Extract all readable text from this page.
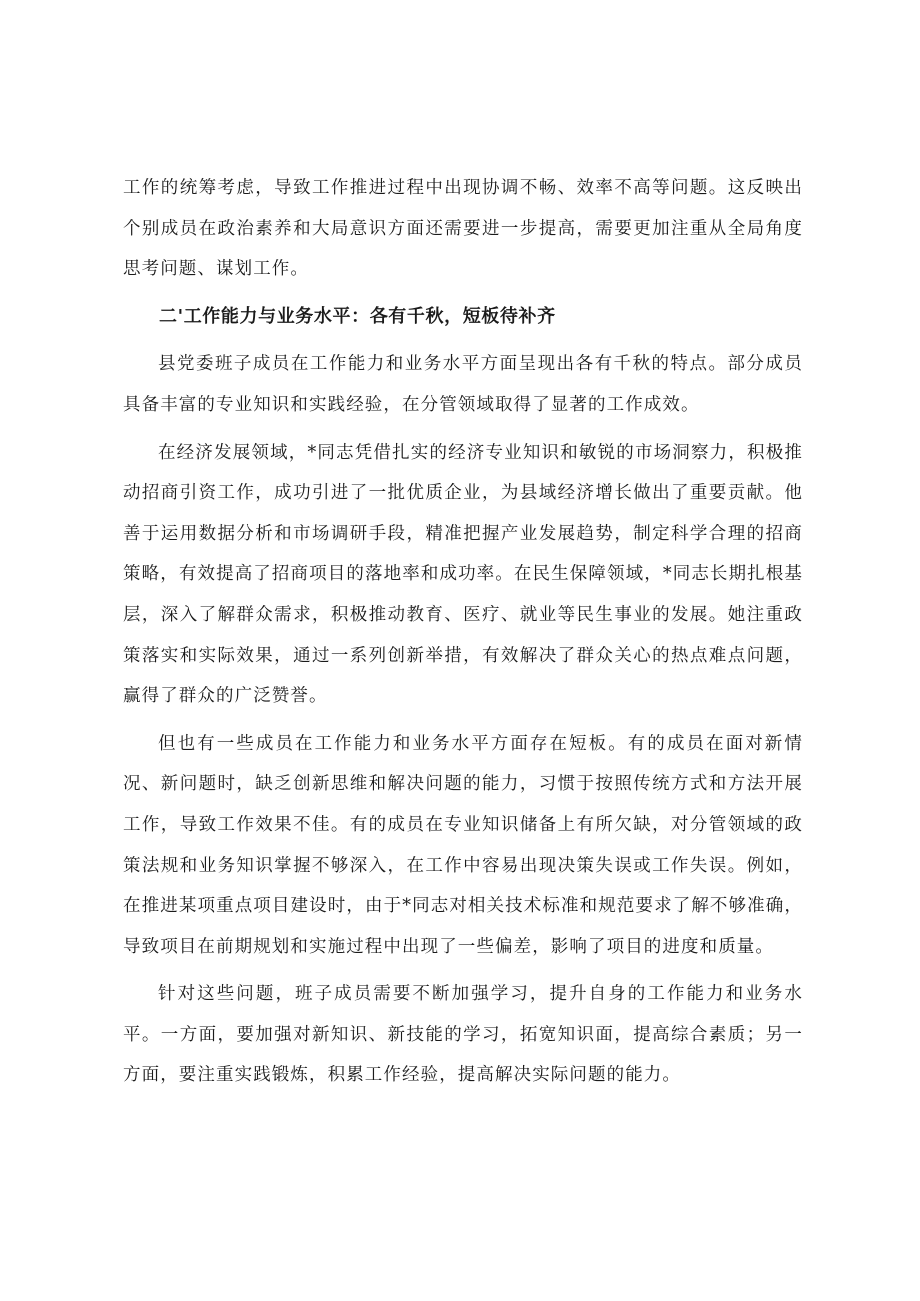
工作的统筹考虑，导致工作推进过程中出现协调不畅、效率不高等问题。这反映出个别成员在政治素养和大局意识方面还需要进一步提高，需要更加注重从全局角度思考问题、谋划工作。

二'工作能力与业务水平：各有千秋，短板待补齐

县党委班子成员在工作能力和业务水平方面呈现出各有千秋的特点。部分成员具备丰富的专业知识和实践经验，在分管领域取得了显著的工作成效。

在经济发展领域，*同志凭借扎实的经济专业知识和敏锐的市场洞察力，积极推动招商引资工作，成功引进了一批优质企业，为县域经济增长做出了重要贡献。他善于运用数据分析和市场调研手段，精准把握产业发展趋势，制定科学合理的招商策略，有效提高了招商项目的落地率和成功率。在民生保障领域，*同志长期扎根基层，深入了解群众需求，积极推动教育、医疗、就业等民生事业的发展。她注重政策落实和实际效果，通过一系列创新举措，有效解决了群众关心的热点难点问题，赢得了群众的广泛赞誉。

但也有一些成员在工作能力和业务水平方面存在短板。有的成员在面对新情况、新问题时，缺乏创新思维和解决问题的能力，习惯于按照传统方式和方法开展工作，导致工作效果不佳。有的成员在专业知识储备上有所欠缺，对分管领域的政策法规和业务知识掌握不够深入，在工作中容易出现决策失误或工作失误。例如，在推进某项重点项目建设时，由于*同志对相关技术标准和规范要求了解不够准确，导致项目在前期规划和实施过程中出现了一些偏差，影响了项目的进度和质量。

针对这些问题，班子成员需要不断加强学习，提升自身的工作能力和业务水平。一方面，要加强对新知识、新技能的学习，拓宽知识面，提高综合素质；另一方面，要注重实践锻炼，积累工作经验，提高解决实际问题的能力。
